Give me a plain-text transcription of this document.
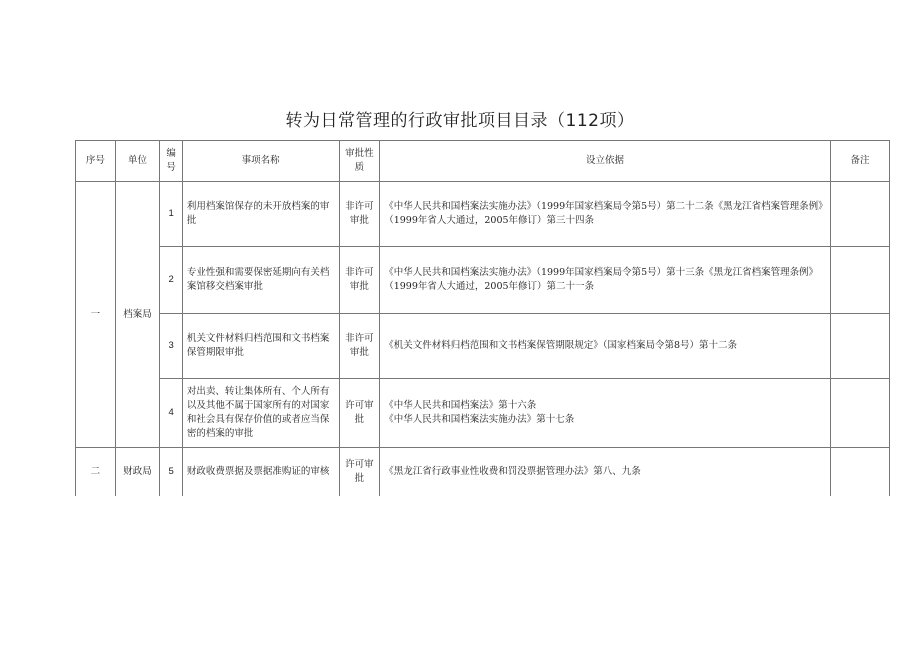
转为日常管理的行政审批项目目录（112项）
序号	单位	编号	事项名称	审批性质	设立依据	备注
一	档案局	1	利用档案馆保存的未开放档案的审批	非许可审批	《中华人民共和国档案法实施办法》（1999年国家档案局令第5号）第二十二条《黑龙江省档案管理条例》（1999年省人大通过，2005年修订）第三十四条	

		2	专业性强和需要保密延期向有关档案馆移交档案审批	非许可审批	《中华人民共和国档案法实施办法》（1999年国家档案局令第5号）第十三条《黑龙江省档案管理条例》（1999年省人大通过，2005年修订）第二十一条	

		3	机关文件材料归档范围和文书档案保管期限审批	非许可审批	《机关文件材料归档范围和文书档案保管期限规定》（国家档案局令第8号）第十二条	

		4	对出卖、转让集体所有、个人所有以及其他不属于国家所有的对国家和社会具有保存价值的或者应当保密的档案的审批	许可审批	《中华人民共和国档案法》第十六条
《中华人民共和国档案法实施办法》第十七条	

二	财政局	5	财政收费票据及票据准购证的审核	许可审批	《黑龙江省行政事业性收费和罚没票据管理办法》第八、九条	
